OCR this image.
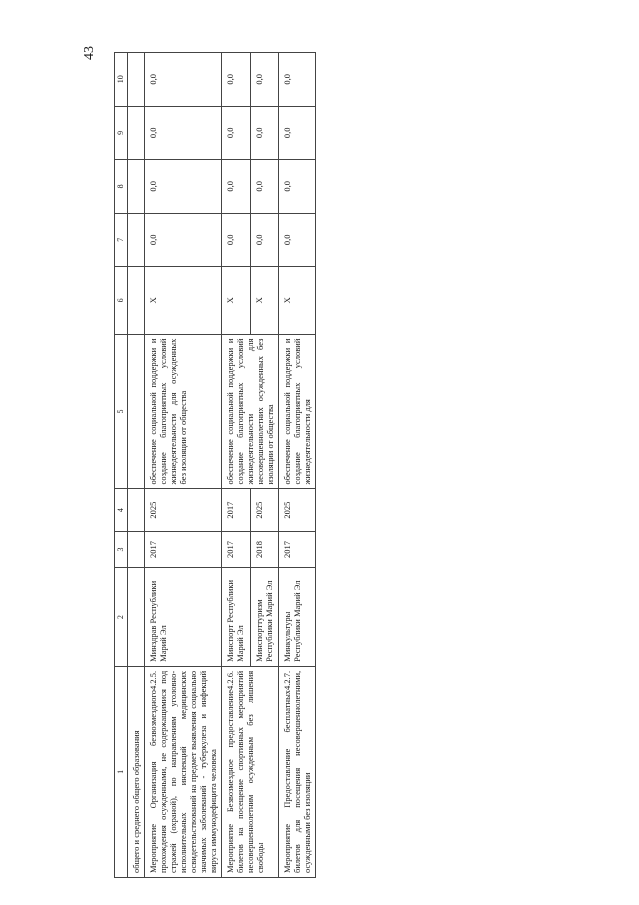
43
1	2	3	4	5	6	7	8	9	10
общего и среднего общего образования									

4.2.5.
Мероприятие Организация безвозмездного прохождения осужденными, не содержащимися под стражей (охраной), по направлениям уголовно-исполнительных инспекций медицинских освидетельствований на предмет выявления социально значимых заболеваний - туберкулеза и инфекций вируса иммунодефицита человека	Минздрав Республики Марий Эл	2017	2025	обеспечение социальной поддержки и создание благоприятных условий жизнедеятельности для осужденных без изоляции от общества	Х	0,0	0,0	0,0	0,0

4.2.6.
Мероприятие Безвозмездное предоставление билетов на посещение спортивных мероприятий несовершеннолетним осужденным без лишения свободы	Минспорт Республики Марий Эл	2017	2017	обеспечение социальной поддержки и создание благоприятных условий жизнедеятельности для несовершеннолетних осужденных без изоляции от общества	Х	0,0	0,0	0,0	0,0
	Минспорттуризм Республики Марий Эл	2018	2025		Х	0,0	0,0	0,0	0,0

4.2.7.
Мероприятие Предоставление бесплатных билетов для посещения несовершеннолетними, осужденными без изоляции	Минкультуры Республики Марий Эл	2017	2025	обеспечение социальной поддержки и создание благоприятных условий жизнедеятельности для	Х	0,0	0,0	0,0	0,0
